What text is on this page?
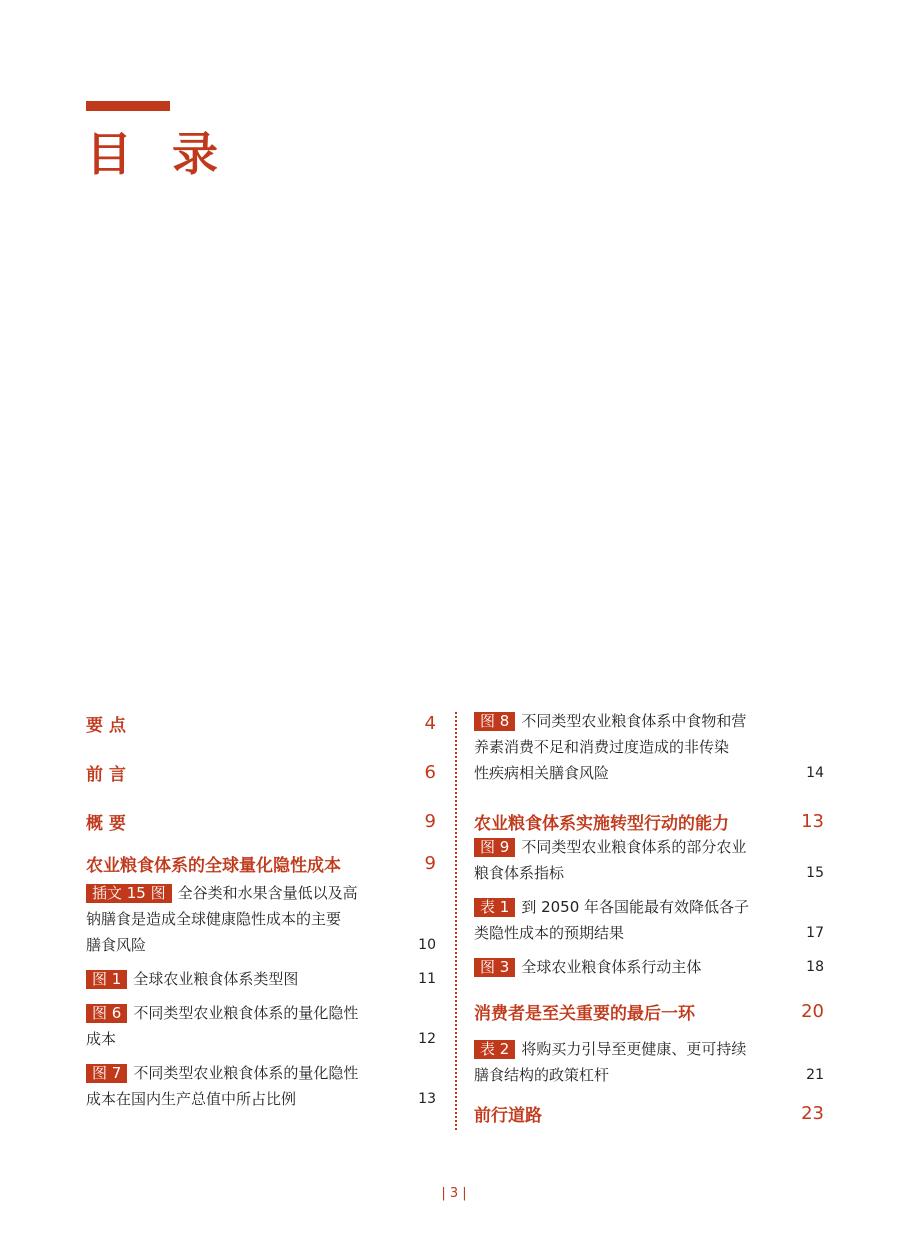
目 录
要 点	4
前 言	6
概 要	9
农业粮食体系的全球量化隐性成本	9
插文 15 图 全谷类和水果含量低以及高
钠膳食是造成全球健康隐性成本的主要
膳食风险	10
图 1 全球农业粮食体系类型图	11
图 6 不同类型农业粮食体系的量化隐性
成本	12
图 7 不同类型农业粮食体系的量化隐性
成本在国内生产总值中所占比例	13
图 8 不同类型农业粮食体系中食物和营
养素消费不足和消费过度造成的非传染
性疾病相关膳食风险	14
农业粮食体系实施转型行动的能力	13
图 9 不同类型农业粮食体系的部分农业
粮食体系指标	15
表 1 到 2050 年各国能最有效降低各子
类隐性成本的预期结果	17
图 3 全球农业粮食体系行动主体	18
消费者是至关重要的最后一环	20
表 2 将购买力引导至更健康、更可持续
膳食结构的政策杠杆	21
前行道路	23
| 3 |
